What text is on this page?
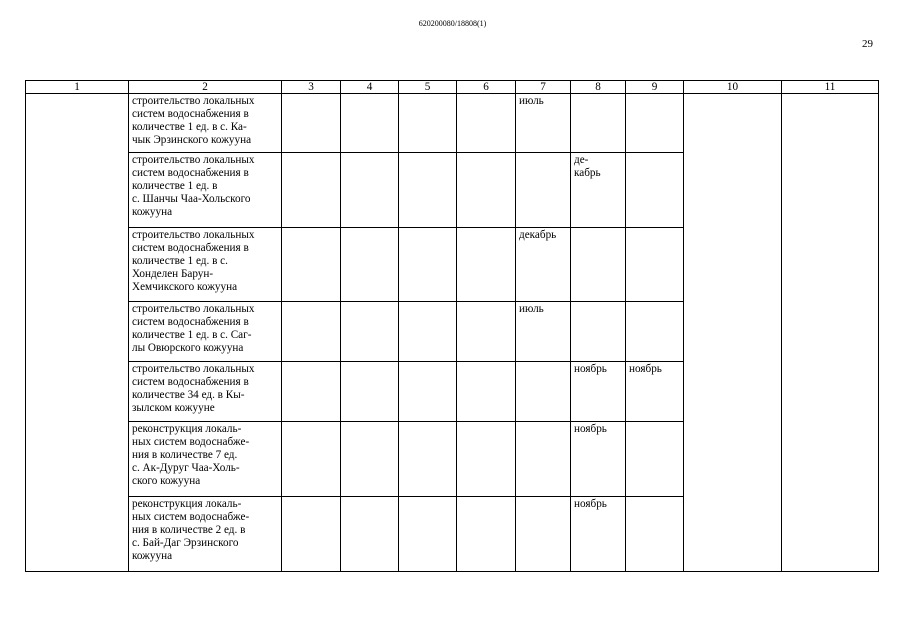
620200080/18808(1)
29
1	2	3	4	5	6	7	8	9	10	11
	строительство локальных
систем водоснабжения в
количестве 1 ед. в с. Ка-
чык Эрзинского кожууна					июль				
	строительство локальных
систем водоснабжения в
количестве 1 ед. в
с. Шанчы Чаа-Хольского
кожууна						де-
кабрь			
	строительство локальных
систем водоснабжения в
количестве 1 ед. в с.
Хонделен Барун-
Хемчикского кожууна					декабрь				
	строительство локальных
систем водоснабжения в
количестве 1 ед. в с. Саг-
лы Овюрского кожууна					июль				
	строительство локальных
систем водоснабжения в
количестве 34 ед. в Кы-
зылском кожууне						ноябрь	ноябрь		
	реконструкция локаль-
ных систем водоснабже-
ния в количестве 7 ед.
с. Ак-Дуруг Чаа-Холь-
ского кожууна						ноябрь			
	реконструкция локаль-
ных систем водоснабже-
ния в количестве 2 ед. в
с. Бай-Даг Эрзинского
кожууна						ноябрь			
